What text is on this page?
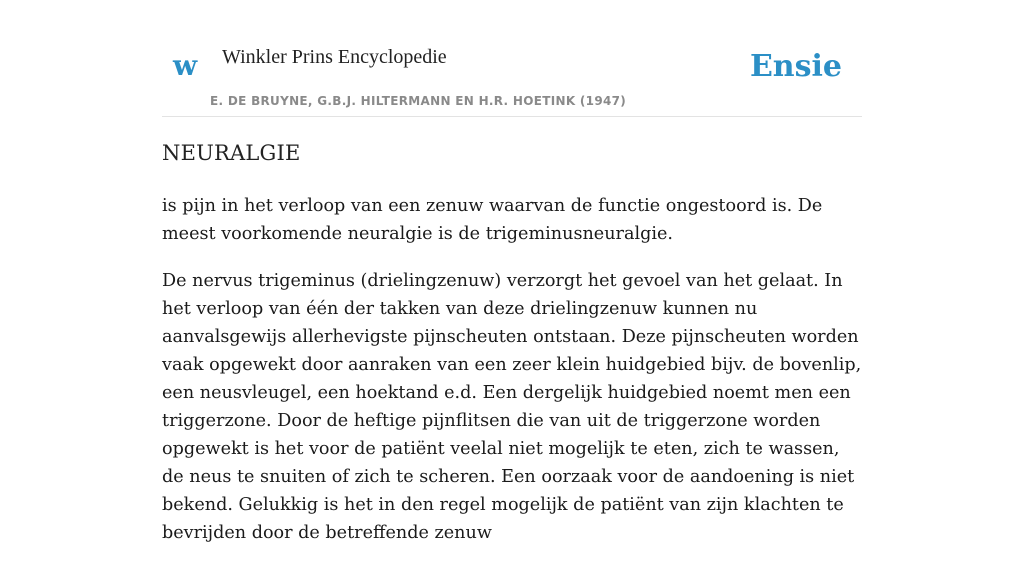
w Winkler Prins Encyclopedie
E. DE BRUYNE, G.B.J. HILTERMANN EN H.R. HOETINK (1947)
Ensie
NEURALGIE

is pijn in het verloop van een zenuw waarvan de functie ongestoord is. De meest voorkomende neuralgie is de trigeminusneuralgie.

De nervus trigeminus (drielingzenuw) verzorgt het gevoel van het gelaat. In het verloop van één der takken van deze drielingzenuw kunnen nu aanvalsgewijs allerhevigste pijnscheuten ontstaan. Deze pijnscheuten worden vaak opgewekt door aanraken van een zeer klein huidgebied bijv. de bovenlip, een neusvleugel, een hoektand e.d. Een dergelijk huidgebied noemt men een triggerzone. Door de heftige pijnflitsen die van uit de triggerzone worden opgewekt is het voor de patiënt veelal niet mogelijk te eten, zich te wassen, de neus te snuiten of zich te scheren. Een oorzaak voor de aandoening is niet bekend. Gelukkig is het in den regel mogelijk de patiënt van zijn klachten te bevrijden door de betreffende zenuw
